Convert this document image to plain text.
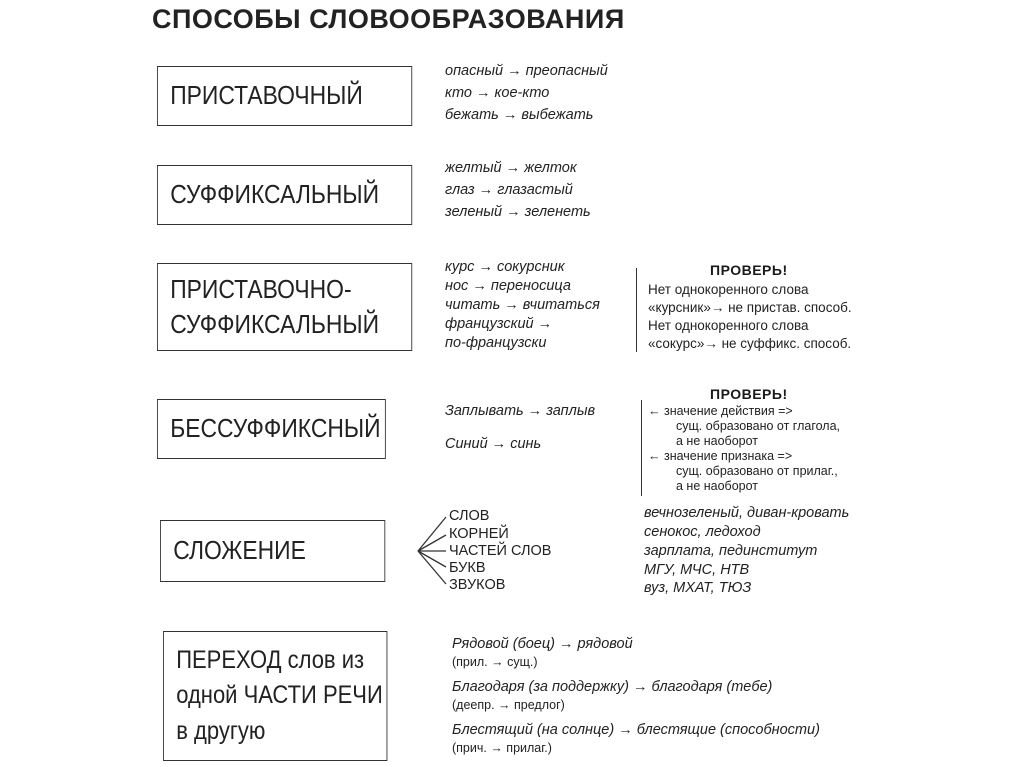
СПОСОБЫ СЛОВООБРАЗОВАНИЯ
ПРИСТАВОЧНЫЙ
опасный → преопасный
кто → кое-кто
бежать → выбежать
СУФФИКСАЛЬНЫЙ
желтый → желток
глаз → глазастый
зеленый → зеленеть
ПРИСТАВОЧНО-
СУФФИКСАЛЬНЫЙ
курс → сокурсник
нос → переносица
читать → вчитаться
французский →
по-французски
ПРОВЕРЬ!
Нет однокоренного слова
«курсник»→ не пристав. способ.
Нет однокоренного слова
«сокурс»→ не суффикс. способ.
БЕССУФФИКСНЫЙ
Заплывать → заплыв
Синий → синь
ПРОВЕРЬ!
← значение действия =>
сущ. образовано от глагола,
а не наоборот
← значение признака =>
сущ. образовано от прилаг.,
а не наоборот
СЛОЖЕНИЕ
СЛОВ
КОРНЕЙ
ЧАСТЕЙ СЛОВ
БУКВ
ЗВУКОВ
вечнозеленый, диван-кровать
сенокос, ледоход
зарплата, пединститут
МГУ, МЧС, НТВ
вуз, МХАТ, ТЮЗ
ПЕРЕХОД слов из
одной ЧАСТИ РЕЧИ
в другую
Рядовой (боец) → рядовой
(прил. → сущ.)
Благодаря (за поддержку) → благодаря (тебе)
(деепр. → предлог)
Блестящий (на солнце) → блестящие (способности)
(прич. → прилаг.)
